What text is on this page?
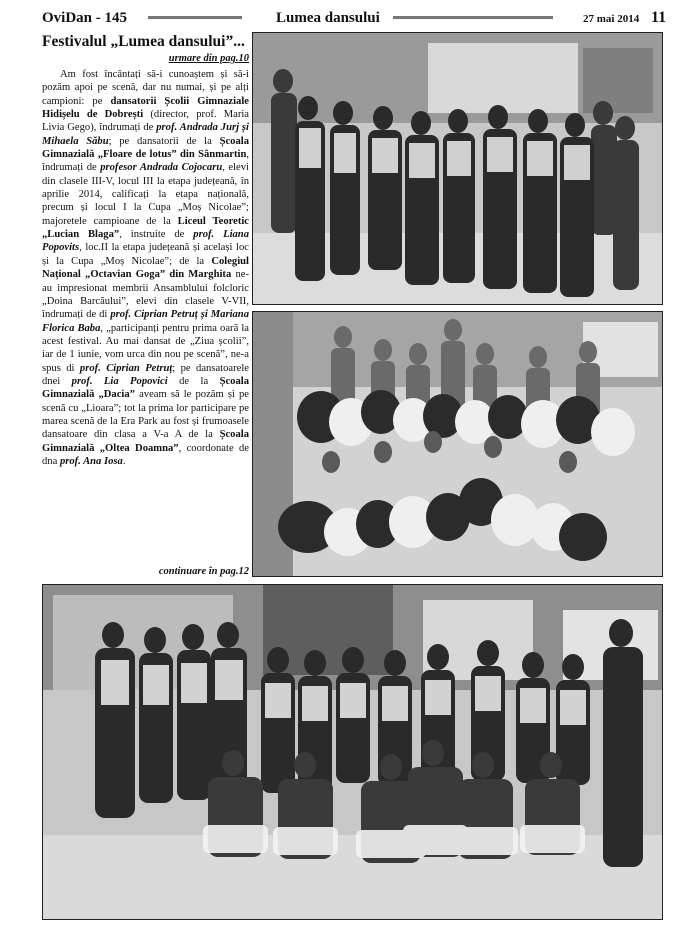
OviDan - 145	Lumea dansului	27 mai 2014 11
Festivalul „Lumea dansului”...
urmare din pag.10
Am fost încântați să-i cunoaștem și să-i pozăm apoi pe scenă, dar nu numai, și pe alți campioni: pe dansatorii Școlii Gimnaziale Hidișelu de Dobrești (director, prof. Maria Livia Gego), îndrumați de prof. Andrada Jurj și Mihaela Săbu; pe dansatorii de la Școala Gimnazială „Floare de lotus” din Sânmartin, îndrumați de profesor Andrada Cojocaru, elevi din clasele III-V, locul III la etapa județeană, în aprilie 2014, calificați la etapa națională, precum și locul I la Cupa „Moș Nicolae”; majoretele campioane de la Liceul Teoretic „Lucian Blaga”, instruite de prof. Liana Popovits, loc.II la etapa județeană și același loc și la Cupa „Moș Nicolae”; de la Colegiul Național „Octavian Goga” din Marghita ne-au impresionat membrii Ansamblului folcloric „Doina Barcăului”, elevi din clasele V-VII, îndrumați de di prof. Ciprian Petruț și Mariana Florica Baba, „participanți pentru prima oară la acest festival. Au mai dansat de „Ziua școlii”, iar de 1 iunie, vom urca din nou pe scenă”, ne-a spus di prof. Ciprian Petruț; pe dansatoarele dnei prof. Lia Popovici de la Școala Gimnazială „Dacia” aveam să le pozăm și pe scenă cu „Lioara”; tot la prima lor participare pe marea scenă de la Era Park au fost și frumoasele dansatoare din clasa a V-a A de la Școala Gimnazială „Oltea Doamna”, coordonate de dna prof. Ana Iosa.
continuare în pag.12
